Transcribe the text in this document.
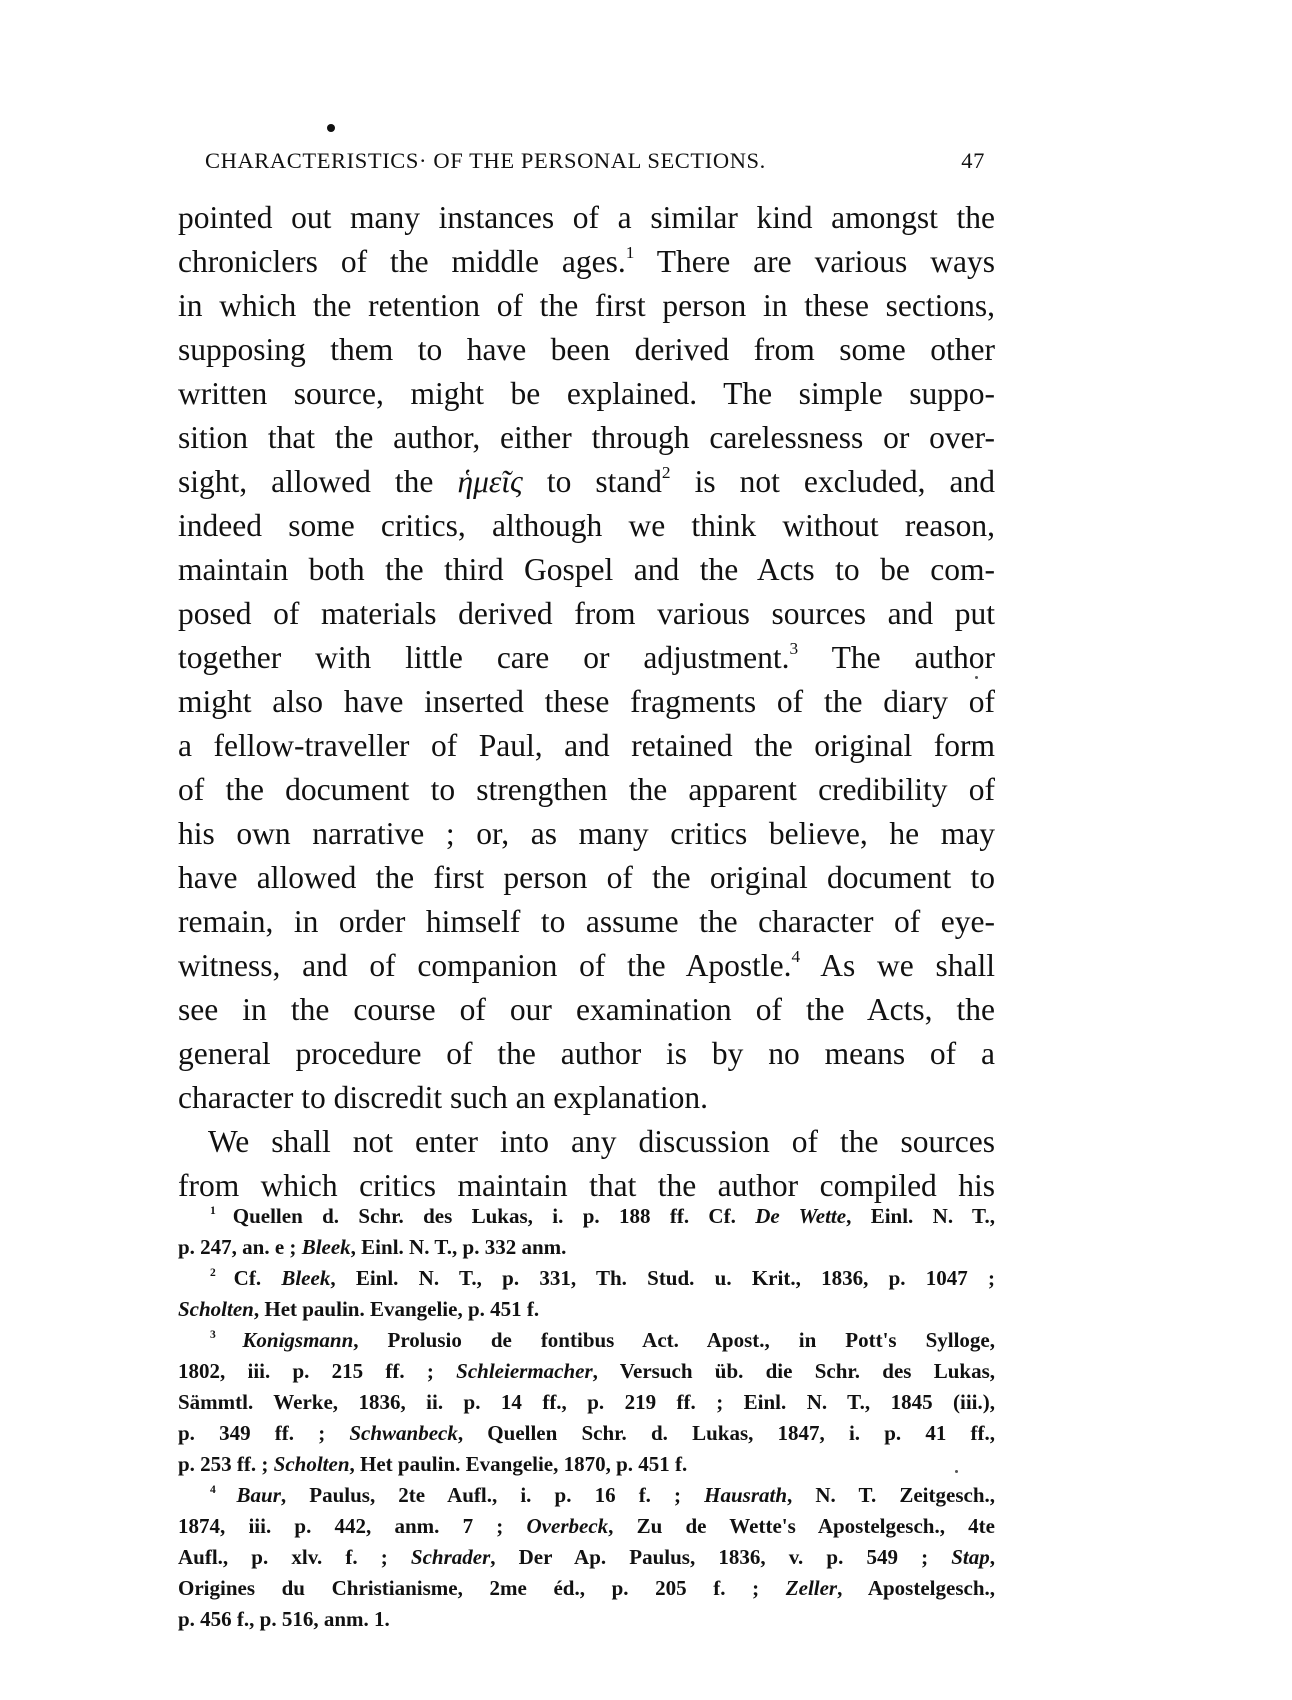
CHARACTERISTICS· OF THE PERSONAL SECTIONS.	47
pointed out many instances of a similar kind amongst the
chroniclers of the middle ages.$^1$ There are various ways
in which the retention of the first person in these sections,
supposing them to have been derived from some other
written source, might be explained. The simple suppo-
sition that the author, either through carelessness or over-
sight, allowed the ἡμεῖς to stand$^2$ is not excluded, and
indeed some critics, although we think without reason,
maintain both the third Gospel and the Acts to be com-
posed of materials derived from various sources and put
together with little care or adjustment.$^3$ The author
might also have inserted these fragments of the diary of
a fellow-traveller of Paul, and retained the original form
of the document to strengthen the apparent credibility of
his own narrative ; or, as many critics believe, he may
have allowed the first person of the original document to
remain, in order himself to assume the character of eye-
witness, and of companion of the Apostle.$^4$ As we shall
see in the course of our examination of the Acts, the
general procedure of the author is by no means of a
character to discredit such an explanation.
We shall not enter into any discussion of the sources
from which critics maintain that the author compiled his
$^1$ Quellen d. Schr. des Lukas, i. p. 188 ff. Cf. De Wette, Einl. N. T.,
p. 247, an. e ; Bleek, Einl. N. T., p. 332 anm.
$^2$ Cf. Bleek, Einl. N. T., p. 331, Th. Stud. u. Krit., 1836, p. 1047 ;
Scholten, Het paulin. Evangelie, p. 451 f.
$^3$ Konigsmann, Prolusio de fontibus Act. Apost., in Pott's Sylloge,
1802, iii. p. 215 ff. ; Schleiermacher, Versuch üb. die Schr. des Lukas,
Sämmtl. Werke, 1836, ii. p. 14 ff., p. 219 ff. ; Einl. N. T., 1845 (iii.),
p. 349 ff. ; Schwanbeck, Quellen Schr. d. Lukas, 1847, i. p. 41 ff.,
p. 253 ff. ; Scholten, Het paulin. Evangelie, 1870, p. 451 f.
$^4$ Baur, Paulus, 2te Aufl., i. p. 16 f. ; Hausrath, N. T. Zeitgesch.,
1874, iii. p. 442, anm. 7 ; Overbeck, Zu de Wette's Apostelgesch., 4te
Aufl., p. xlv. f. ; Schrader, Der Ap. Paulus, 1836, v. p. 549 ; Stap,
Origines du Christianisme, 2me éd., p. 205 f. ; Zeller, Apostelgesch.,
p. 456 f., p. 516, anm. 1.
